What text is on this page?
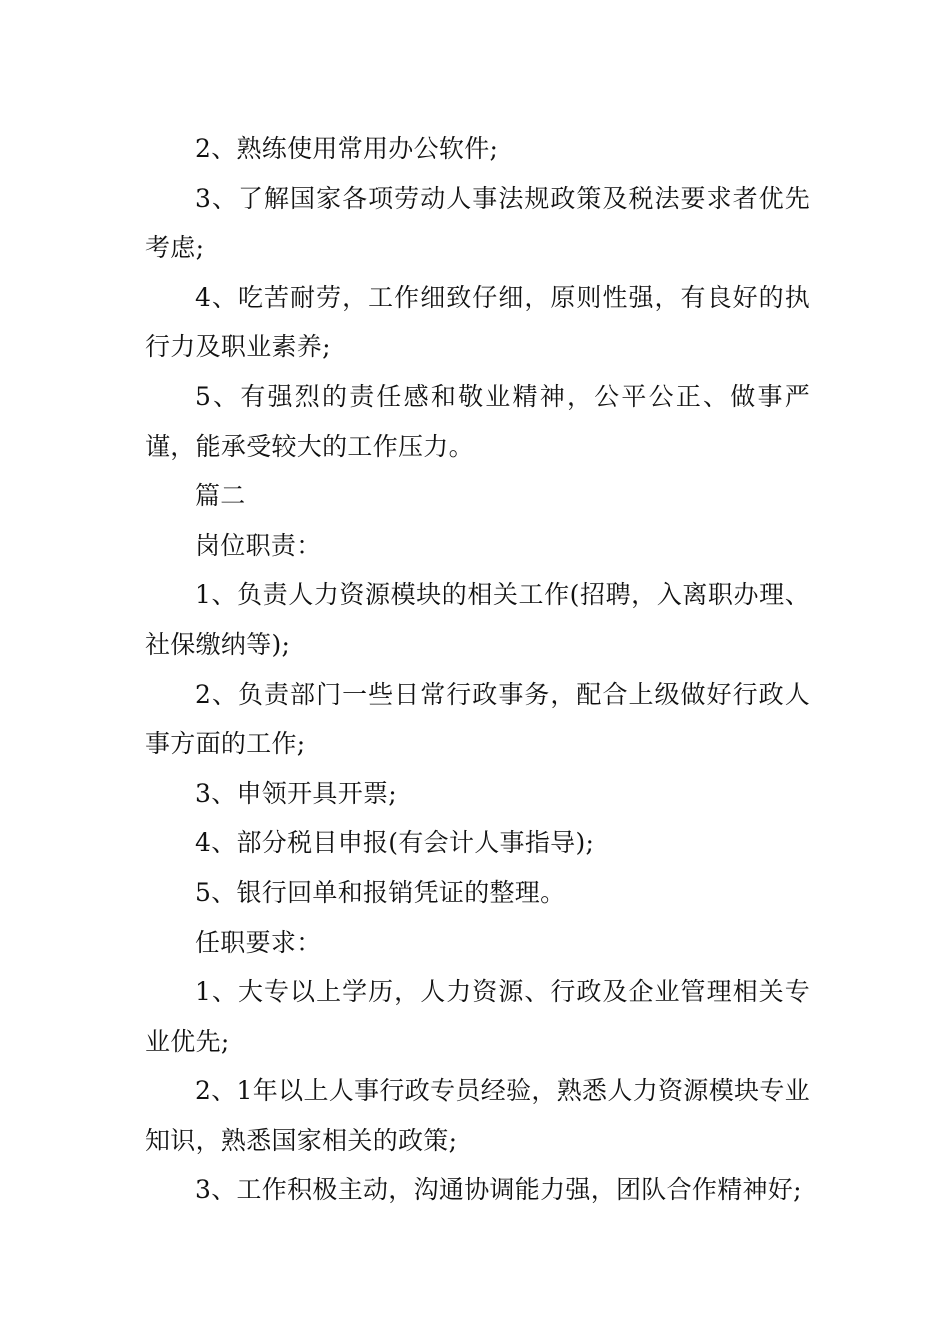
2、熟练使用常用办公软件;

3、了解国家各项劳动人事法规政策及税法要求者优先考虑;

4、吃苦耐劳，工作细致仔细，原则性强，有良好的执行力及职业素养;

5、有强烈的责任感和敬业精神，公平公正、做事严谨，能承受较大的工作压力。

篇二

岗位职责：

1、负责人力资源模块的相关工作(招聘，入离职办理、社保缴纳等);

2、负责部门一些日常行政事务，配合上级做好行政人事方面的工作;

3、申领开具开票;

4、部分税目申报(有会计人事指导);

5、银行回单和报销凭证的整理。

任职要求：

1、大专以上学历，人力资源、行政及企业管理相关专业优先;

2、1年以上人事行政专员经验，熟悉人力资源模块专业知识，熟悉国家相关的政策;

3、工作积极主动，沟通协调能力强，团队合作精神好;
